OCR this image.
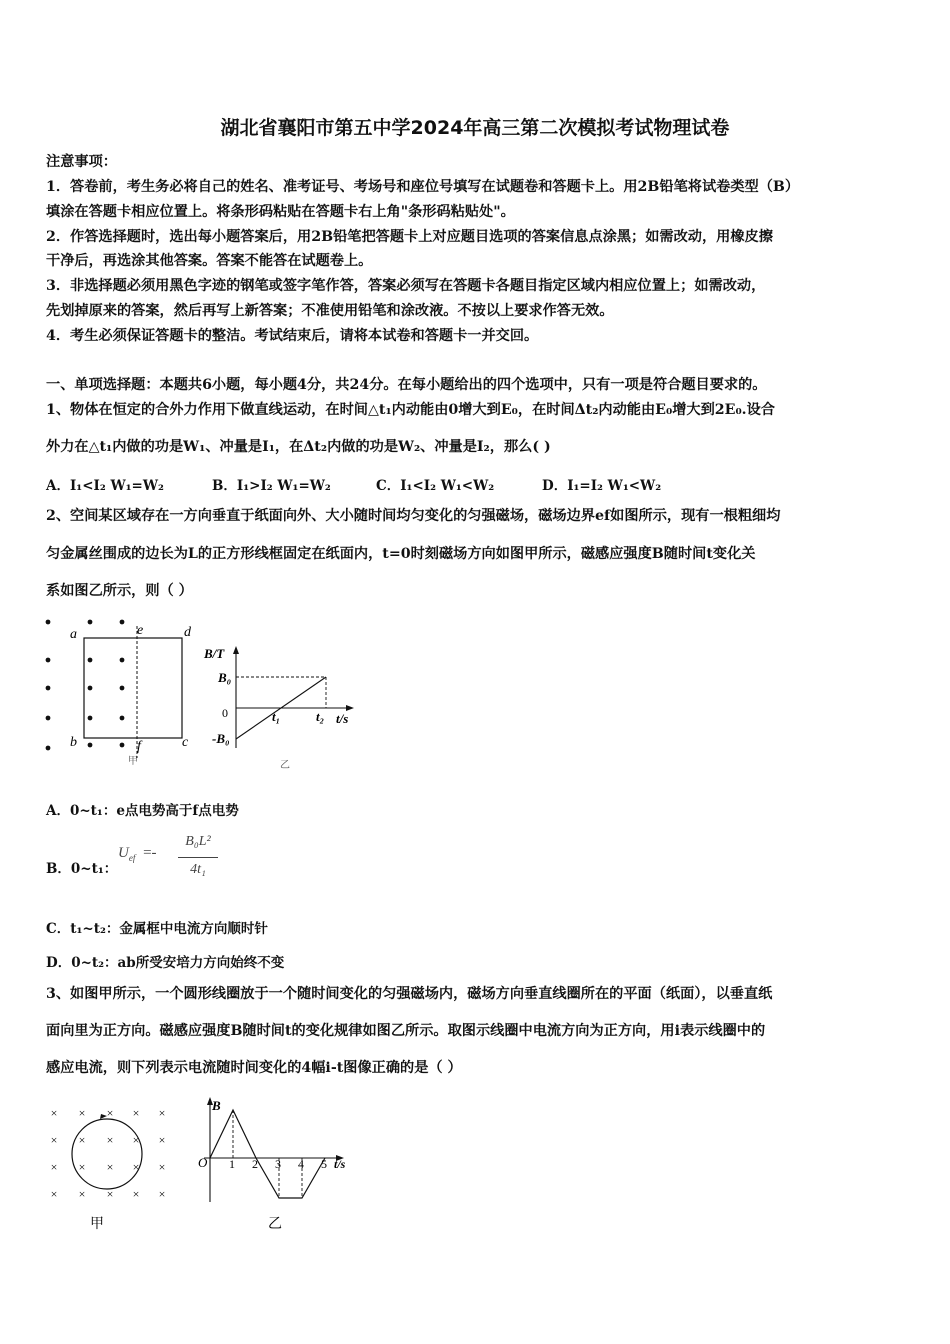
湖北省襄阳市第五中学2024年高三第二次模拟考试物理试卷
注意事项：
1．答卷前，考生务必将自己的姓名、准考证号、考场号和座位号填写在试题卷和答题卡上。用2B铅笔将试卷类型（B）
填涂在答题卡相应位置上。将条形码粘贴在答题卡右上角"条形码粘贴处"。
2．作答选择题时，选出每小题答案后，用2B铅笔把答题卡上对应题目选项的答案信息点涂黑；如需改动，用橡皮擦
干净后，再选涂其他答案。答案不能答在试题卷上。
3．非选择题必须用黑色字迹的钢笔或签字笔作答，答案必须写在答题卡各题目指定区域内相应位置上；如需改动，
先划掉原来的答案，然后再写上新答案；不准使用铅笔和涂改液。不按以上要求作答无效。
4．考生必须保证答题卡的整洁。考试结束后，请将本试卷和答题卡一并交回。
一、单项选择题：本题共6小题，每小题4分，共24分。在每小题给出的四个选项中，只有一项是符合题目要求的。
1、物体在恒定的合外力作用下做直线运动，在时间△t₁内动能由0增大到E₀，在时间Δt₂内动能由E₀增大到2E₀.设合
外力在△t₁内做的功是W₁、冲量是I₁，在Δt₂内做的功是W₂、冲量是I₂，那么( )
A．I₁<I₂ W₁=W₂	B．I₁>I₂ W₁=W₂	C．I₁<I₂ W₁<W₂	D．I₁=I₂ W₁<W₂
2、空间某区域存在一方向垂直于纸面向外、大小随时间均匀变化的匀强磁场，磁场边界ef如图所示，现有一根粗细均
匀金属丝围成的边长为L的正方形线框固定在纸面内，t=0时刻磁场方向如图甲所示，磁感应强度B随时间t变化关
系如图乙所示，则（ ）
a	d
e
b	c
f
甲
B/T
B₀
0
-B₀
t₁	t₂ t/s
乙
A．0~t₁：e点电势高于f点电势
B．0~t₁：
$U_{ef}$ =-
B₀L²
4t₁
C．t₁~t₂：金属框中电流方向顺时针
D．0~t₂：ab所受安培力方向始终不变
3、如图甲所示，一个圆形线圈放于一个随时间变化的匀强磁场内，磁场方向垂直线圈所在的平面（纸面），以垂直纸
面向里为正方向。磁感应强度B随时间t的变化规律如图乙所示。取图示线圈中电流方向为正方向，用i表示线圈中的
感应电流，则下列表示电流随时间变化的4幅i-t图像正确的是（ ）
甲
× × × × ×
× × × × ×
× × × × ×
× × × × ×
B
O 1 2 3 4 5 t/s
乙
